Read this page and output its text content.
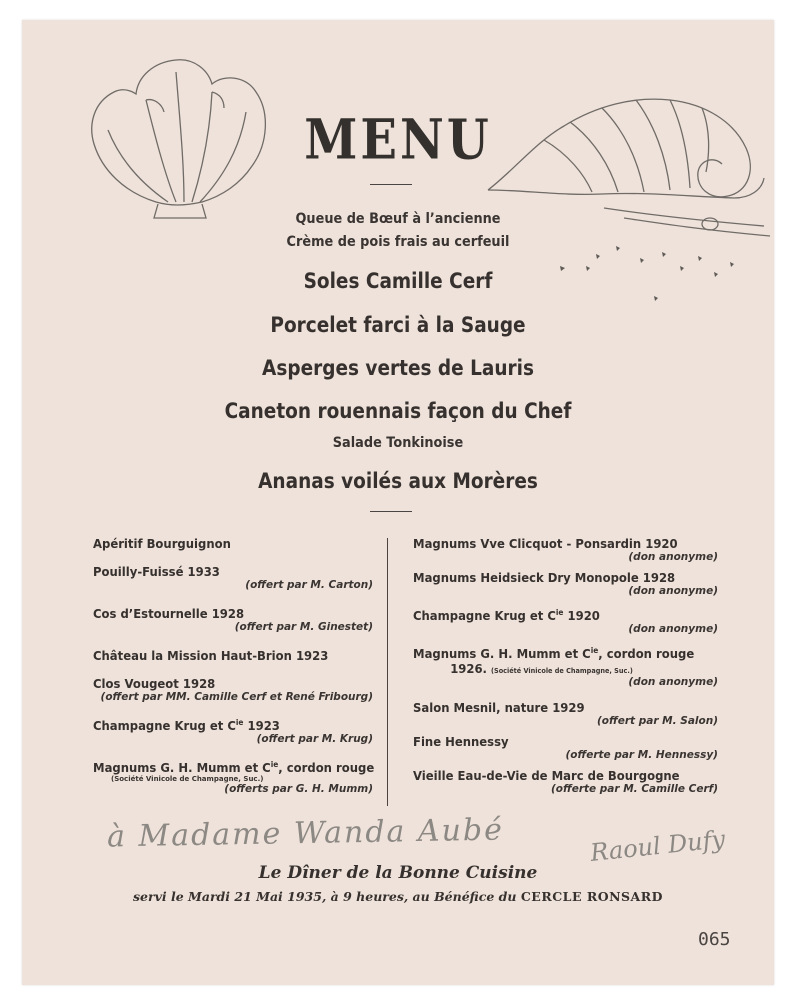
MENU
Queue de Bœuf à l’ancienne
Crème de pois frais au cerfeuil
Soles Camille Cerf
Porcelet farci à la Sauge
Asperges vertes de Lauris
Caneton rouennais façon du Chef
Salade Tonkinoise
Ananas voilés aux Morères
Apéritif Bourguignon
Pouilly-Fuissé 1933
(offert par M. Carton)
Cos d’Estournelle 1928
(offert par M. Ginestet)
Château la Mission Haut-Brion 1923
Clos Vougeot 1928
(offert par MM. Camille Cerf et René Fribourg)
Champagne Krug et $C^{ie}$ 1923
(offert par M. Krug)
Magnums G. H. Mumm et $C^{ie}$, cordon rouge
(Société Vinicole de Champagne, Suc.)
(offerts par G. H. Mumm)
Magnums Vve Clicquot - Ponsardin 1920
(don anonyme)
Magnums Heidsieck Dry Monopole 1928
(don anonyme)
Champagne Krug et $C^{ie}$ 1920
(don anonyme)
Magnums G. H. Mumm et $C^{ie}$, cordon rouge
1926. (Société Vinicole de Champagne, Suc.)
(don anonyme)
Salon Mesnil, nature 1929
(offert par M. Salon)
Fine Hennessy
(offerte par M. Hennessy)
Vieille Eau-de-Vie de Marc de Bourgogne
(offerte par M. Camille Cerf)
à Madame Wanda Aubé	Raoul Dufy
Le Dîner de la Bonne Cuisine
servi le Mardi 21 Mai 1935, à 9 heures, au Bénéfice du CERCLE RONSARD
065
